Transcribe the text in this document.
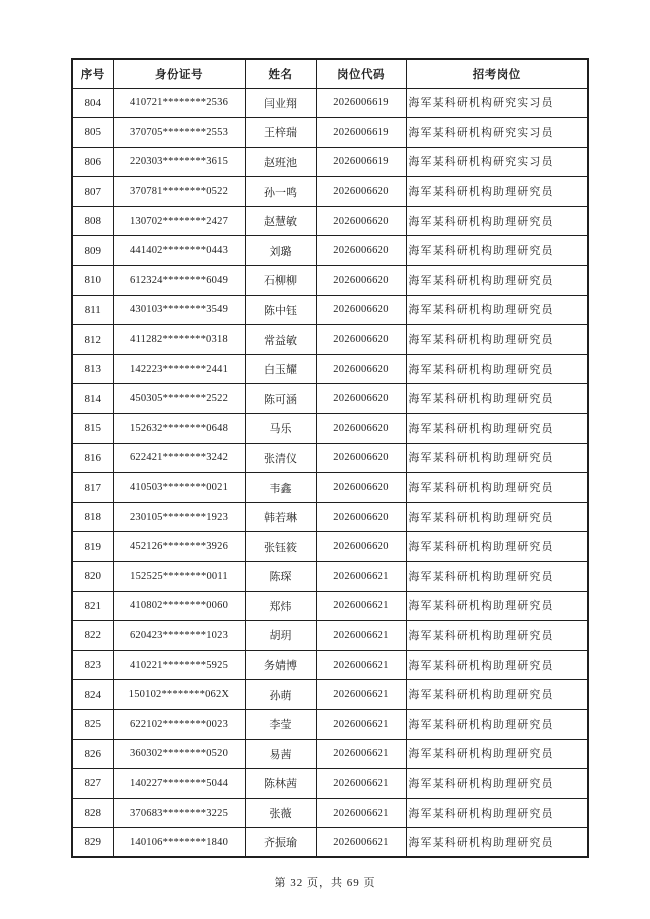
序号	身份证号	姓名	岗位代码	招考岗位
804	410721********2536	闫业翔	2026006619	海军某科研机构研究实习员
805	370705********2553	王梓瑞	2026006619	海军某科研机构研究实习员
806	220303********3615	赵班池	2026006619	海军某科研机构研究实习员
807	370781********0522	孙一鸣	2026006620	海军某科研机构助理研究员
808	130702********2427	赵慧敏	2026006620	海军某科研机构助理研究员
809	441402********0443	刘璐	2026006620	海军某科研机构助理研究员
810	612324********6049	石柳柳	2026006620	海军某科研机构助理研究员
811	430103********3549	陈中钰	2026006620	海军某科研机构助理研究员
812	411282********0318	常益敏	2026006620	海军某科研机构助理研究员
813	142223********2441	白玉耀	2026006620	海军某科研机构助理研究员
814	450305********2522	陈可涵	2026006620	海军某科研机构助理研究员
815	152632********0648	马乐	2026006620	海军某科研机构助理研究员
816	622421********3242	张清仪	2026006620	海军某科研机构助理研究员
817	410503********0021	韦鑫	2026006620	海军某科研机构助理研究员
818	230105********1923	韩若琳	2026006620	海军某科研机构助理研究员
819	452126********3926	张钰筱	2026006620	海军某科研机构助理研究员
820	152525********0011	陈琛	2026006621	海军某科研机构助理研究员
821	410802********0060	郑炜	2026006621	海军某科研机构助理研究员
822	620423********1023	胡玥	2026006621	海军某科研机构助理研究员
823	410221********5925	务婧博	2026006621	海军某科研机构助理研究员
824	150102********062X	孙萌	2026006621	海军某科研机构助理研究员
825	622102********0023	李莹	2026006621	海军某科研机构助理研究员
826	360302********0520	易茜	2026006621	海军某科研机构助理研究员
827	140227********5044	陈林茜	2026006621	海军某科研机构助理研究员
828	370683********3225	张薇	2026006621	海军某科研机构助理研究员
829	140106********1840	齐振瑜	2026006621	海军某科研机构助理研究员
第 32 页，共 69 页
